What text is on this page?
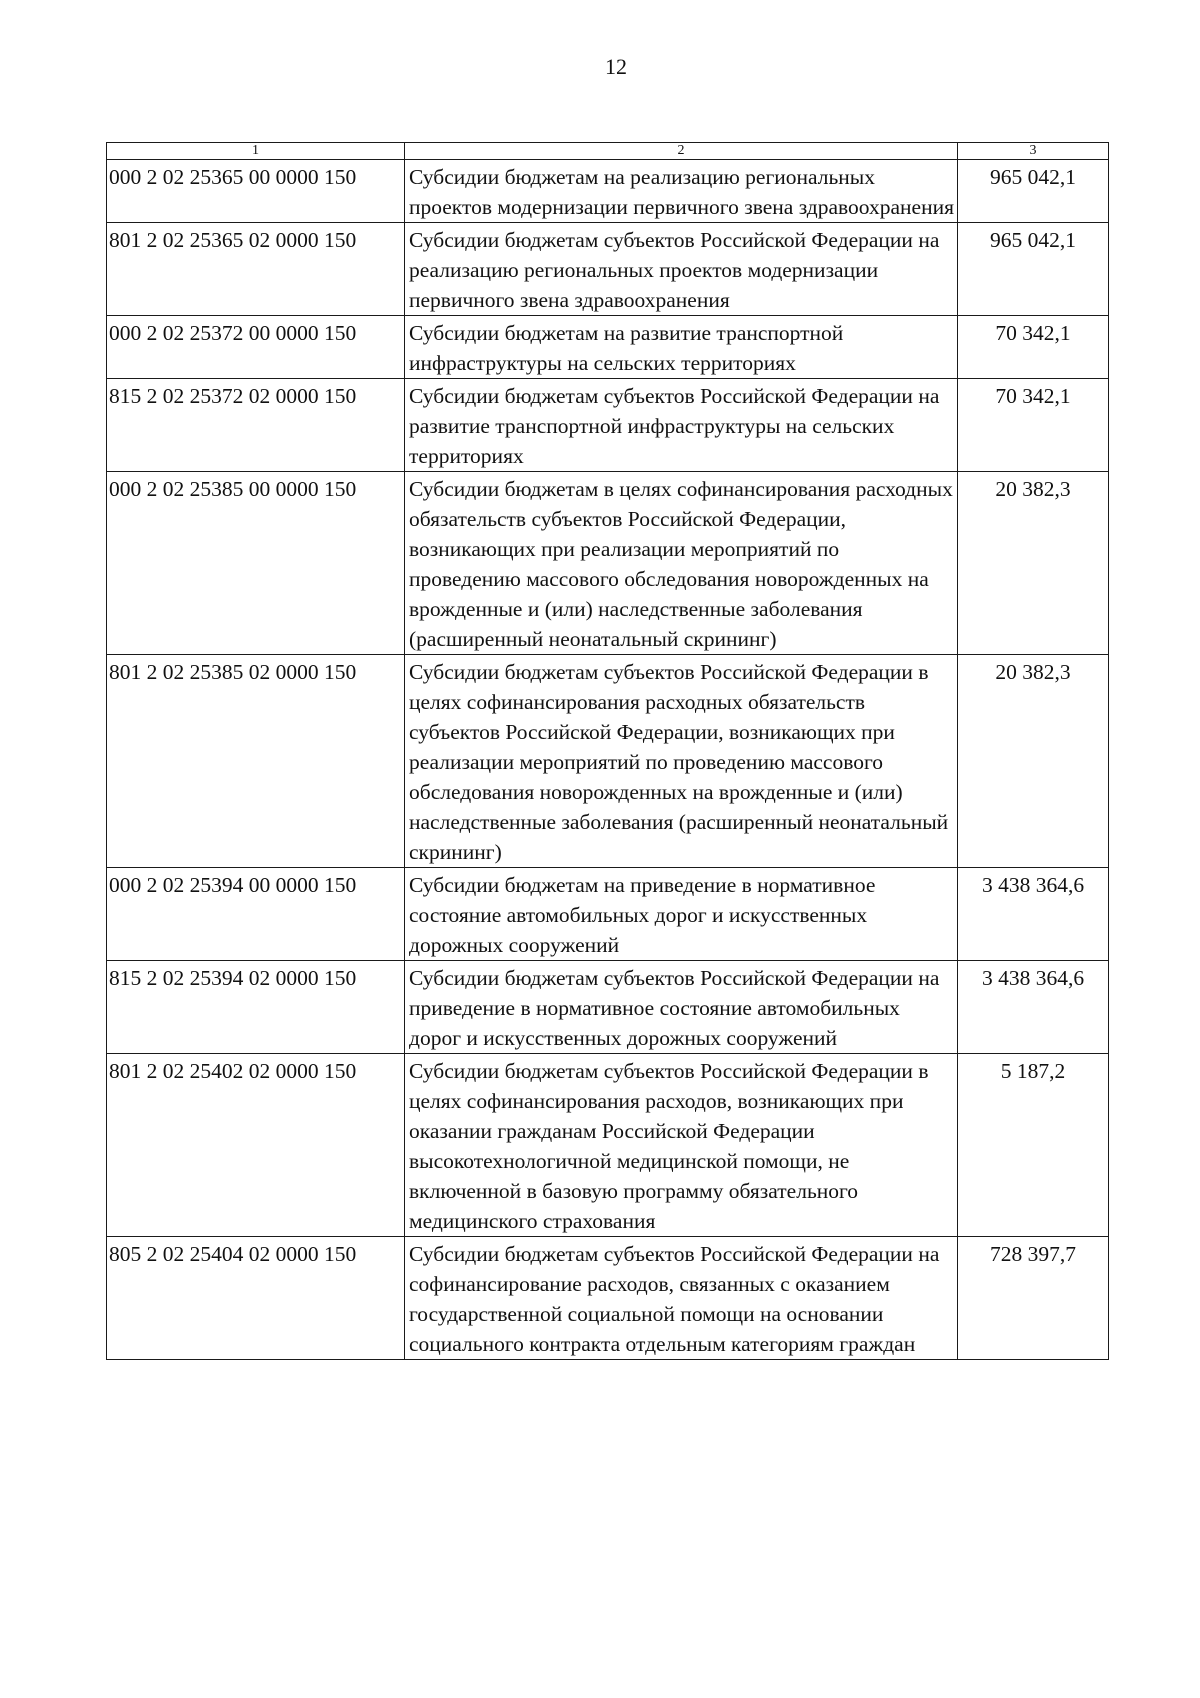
12
1	2	3
000 2 02 25365 00 0000 150	Субсидии бюджетам на реализацию региональных проектов модернизации первичного звена здравоохранения	965 042,1
801 2 02 25365 02 0000 150	Субсидии бюджетам субъектов Российской Федерации на реализацию региональных проектов модернизации первичного звена здравоохранения	965 042,1
000 2 02 25372 00 0000 150	Субсидии бюджетам на развитие транспортной инфраструктуры на сельских территориях	70 342,1
815 2 02 25372 02 0000 150	Субсидии бюджетам субъектов Российской Федерации на развитие транспортной инфраструктуры на сельских территориях	70 342,1
000 2 02 25385 00 0000 150	Субсидии бюджетам в целях софинансирования расходных обязательств субъектов Российской Федерации, возникающих при реализации мероприятий по проведению массового обследования новорожденных на врожденные и (или) наследственные заболевания (расширенный неонатальный скрининг)	20 382,3
801 2 02 25385 02 0000 150	Субсидии бюджетам субъектов Российской Федерации в целях софинансирования расходных обязательств субъектов Российской Федерации, возникающих при реализации мероприятий по проведению массового обследования новорожденных на врожденные и (или) наследственные заболевания (расширенный неонатальный скрининг)	20 382,3
000 2 02 25394 00 0000 150	Субсидии бюджетам на приведение в нормативное состояние автомобильных дорог и искусственных дорожных сооружений	3 438 364,6
815 2 02 25394 02 0000 150	Субсидии бюджетам субъектов Российской Федерации на приведение в нормативное состояние автомобильных дорог и искусственных дорожных сооружений	3 438 364,6
801 2 02 25402 02 0000 150	Субсидии бюджетам субъектов Российской Федерации в целях софинансирования расходов, возникающих при оказании гражданам Российской Федерации высокотехнологичной медицинской помощи, не включенной в базовую программу обязательного медицинского страхования	5 187,2
805 2 02 25404 02 0000 150	Субсидии бюджетам субъектов Российской Федерации на софинансирование расходов, связанных с оказанием государственной социальной помощи на основании социального контракта отдельным категориям граждан	728 397,7
